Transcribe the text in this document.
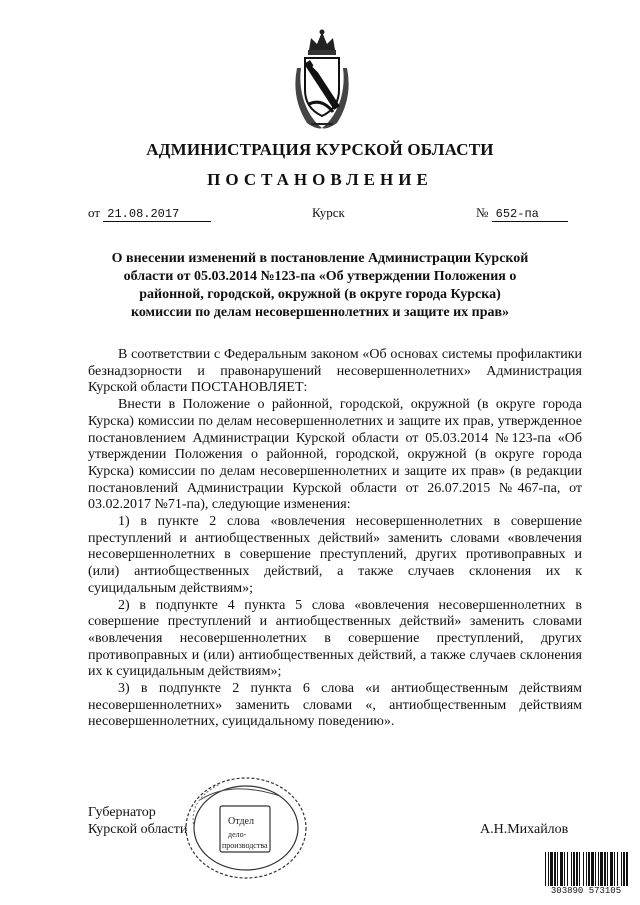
АДМИНИСТРАЦИЯ КУРСКОЙ ОБЛАСТИ
ПОСТАНОВЛЕНИЕ
от 21.08.2017	Курск	№ 652-па
О внесении изменений в постановление Администрации Курской области от 05.03.2014 №123-па «Об утверждении Положения о районной, городской, окружной (в округе города Курска) комиссии по делам несовершеннолетних и защите их прав»

В соответствии с Федеральным законом «Об основах системы профилактики безнадзорности и правонарушений несовершеннолетних» Администрация Курской области ПОСТАНОВЛЯЕТ:

Внести в Положение о районной, городской, окружной (в округе города Курска) комиссии по делам несовершеннолетних и защите их прав, утвержденное постановлением Администрации Курской области от 05.03.2014 №123-па «Об утверждении Положения о районной, городской, окружной (в округе города Курска) комиссии по делам несовершеннолетних и защите их прав» (в редакции постановлений Администрации Курской области от 26.07.2015 №467-па, от 03.02.2017 №71-па), следующие изменения:

1) в пункте 2 слова «вовлечения несовершеннолетних в совершение преступлений и антиобщественных действий» заменить словами «вовлечения несовершеннолетних в совершение преступлений, других противоправных и (или) антиобщественных действий, а также случаев склонения их к суицидальным действиям»;

2) в подпункте 4 пункта 5 слова «вовлечения несовершеннолетних в совершение преступлений и антиобщественных действий» заменить словами «вовлечения несовершеннолетних в совершение преступлений, других противоправных и (или) антиобщественных действий, а также случаев склонения их к суицидальным действиям»;

3) в подпункте 2 пункта 6 слова «и антиобщественным действиям несовершеннолетних» заменить словами «, антиобщественным действиям несовершеннолетних, суицидальному поведению».

Губернатор
Курской области	А.Н.Михайлов
Отдел
дело-
производства
303890 573105
